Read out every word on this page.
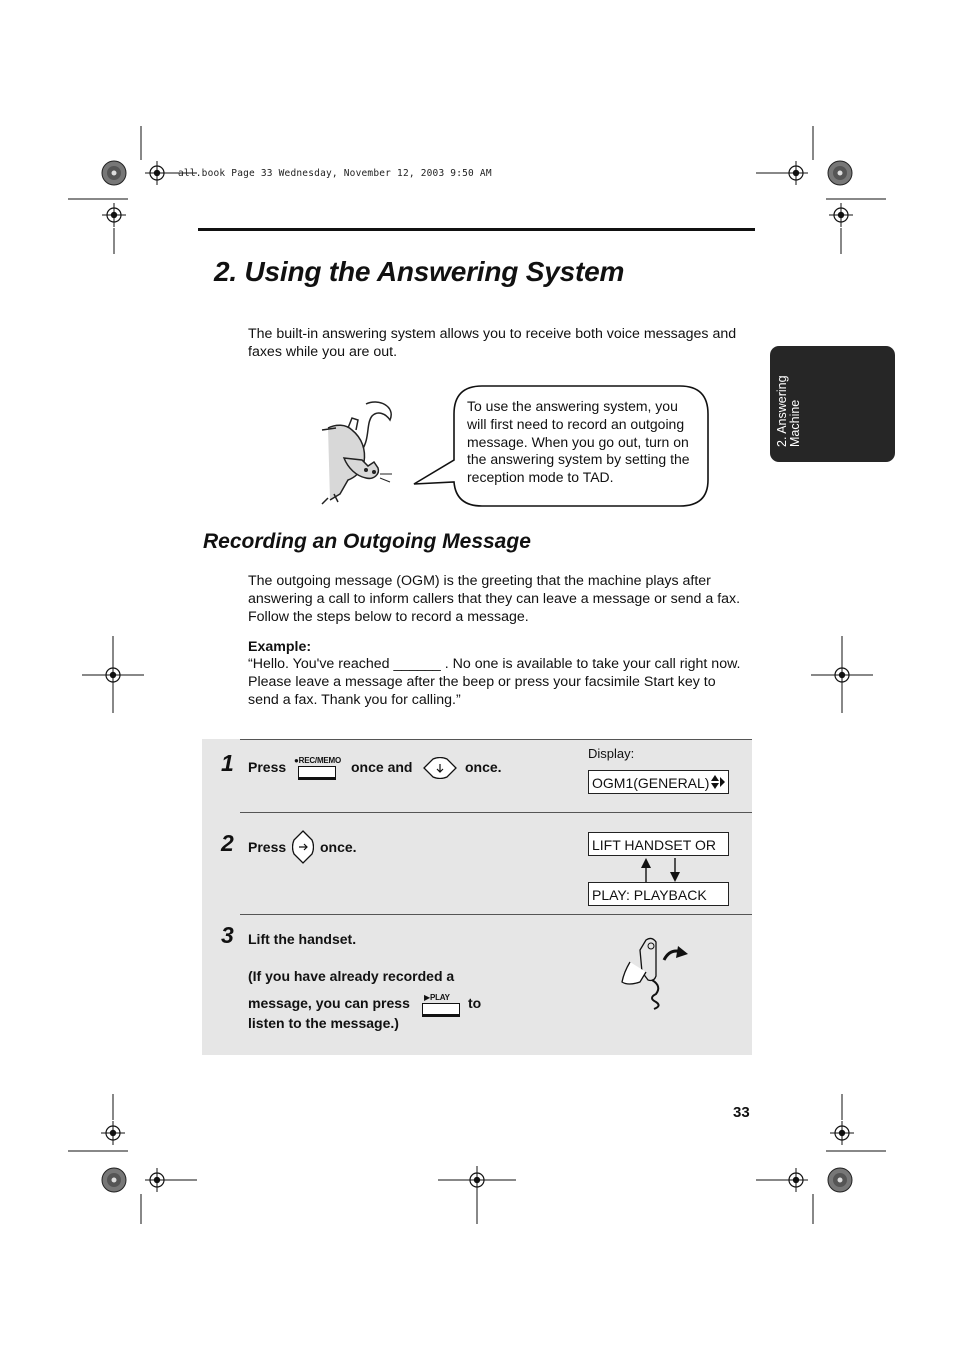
all.book Page 33 Wednesday, November 12, 2003 9:50 AM
2. Using the Answering System
2. Answering Machine

The built-in answering system allows you to receive both voice messages and faxes while you are out.

To use the answering system, you will first need to record an outgoing message. When you go out, turn on the answering system by setting the reception mode to TAD.
Recording an Outgoing Message

The outgoing message (OGM) is the greeting that the machine plays after answering a call to inform callers that they can leave a message or send a fax. Follow the steps below to record a message.

Example:

“Hello. You've reached ______ . No one is available to take your call right now. Please leave a message after the beep or press your facsimile Start key to send a fax. Thank you for calling.”

1 Press ●REC/MEMO once and	once.
Display:
OGM1(GENERAL)
2 Press once.	LIFT HANDSET OR
PLAY: PLAYBACK
3 Lift the handset.
(If you have already recorded a
message, you can press ▶PLAY to
listen to the message.)
33
